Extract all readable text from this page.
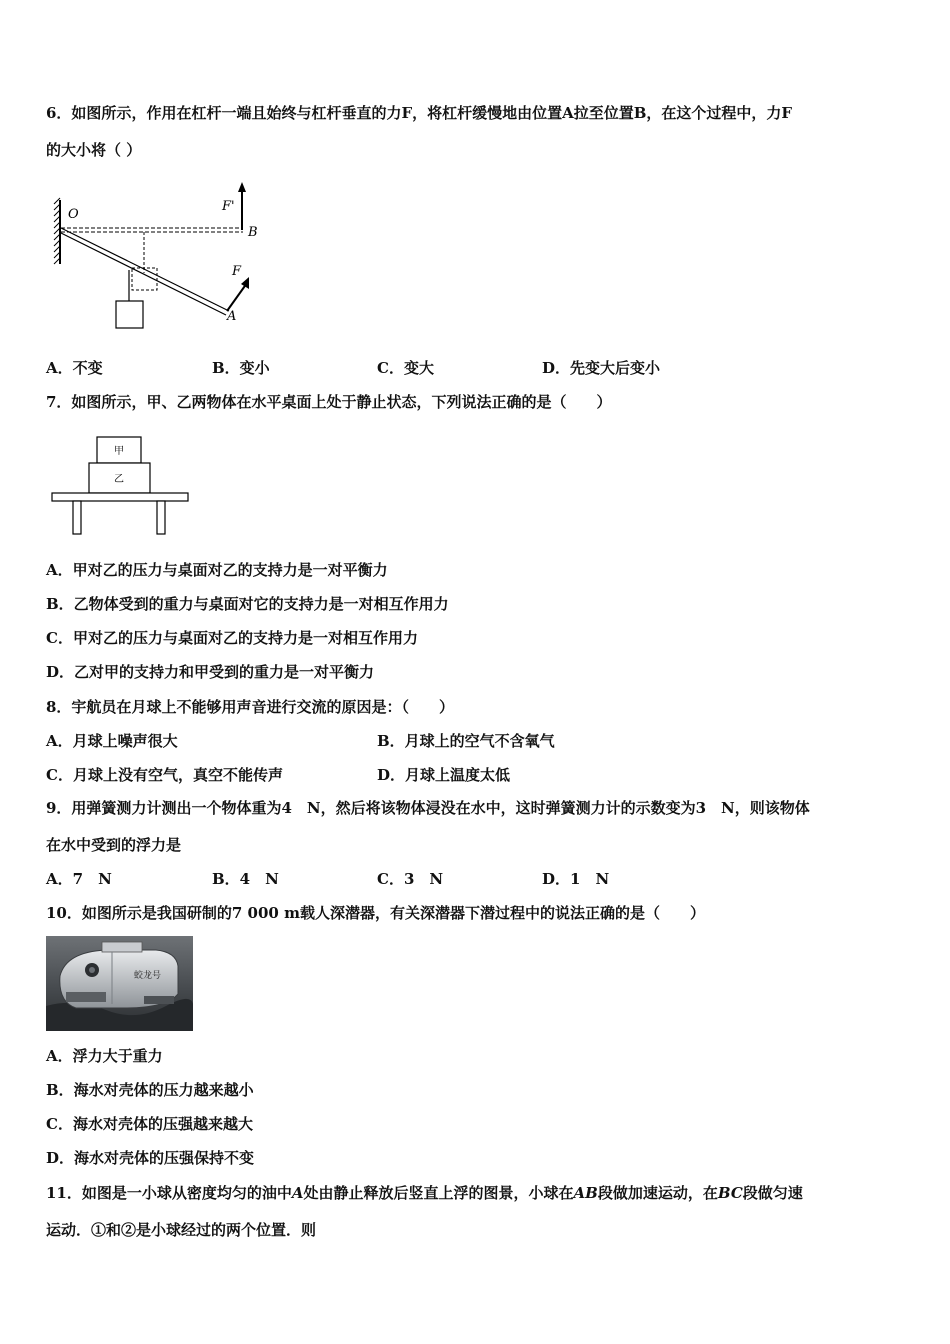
6．如图所示，作用在杠杆一端且始终与杠杆垂直的力F，将杠杆缓慢地由位置A拉至位置B，在这个过程中，力F
的大小将（ ）
O
B
A
F
F'
A．不变	B．变小	C．变大	D．先变大后变小
7．如图所示，甲、乙两物体在水平桌面上处于静止状态，下列说法正确的是（　　）
甲
乙
A．甲对乙的压力与桌面对乙的支持力是一对平衡力
B．乙物体受到的重力与桌面对它的支持力是一对相互作用力
C．甲对乙的压力与桌面对乙的支持力是一对相互作用力
D．乙对甲的支持力和甲受到的重力是一对平衡力
8．宇航员在月球上不能够用声音进行交流的原因是：（　　）
A．月球上噪声很大	B．月球上的空气不含氧气
C．月球上没有空气，真空不能传声	D．月球上温度太低
9．用弹簧测力计测出一个物体重为4　N，然后将该物体浸没在水中，这时弹簧测力计的示数变为3　N，则该物体
在水中受到的浮力是
A．7　N	B．4　N	C．3　N	D．1　N
10．如图所示是我国研制的7 000 m载人深潜器，有关深潜器下潜过程中的说法正确的是（　　）
蛟龙号
A．浮力大于重力
B．海水对壳体的压力越来越小
C．海水对壳体的压强越来越大
D．海水对壳体的压强保持不变
11．如图是一小球从密度均匀的油中A处由静止释放后竖直上浮的图景，小球在AB段做加速运动，在BC段做匀速
运动．①和②是小球经过的两个位置．则
